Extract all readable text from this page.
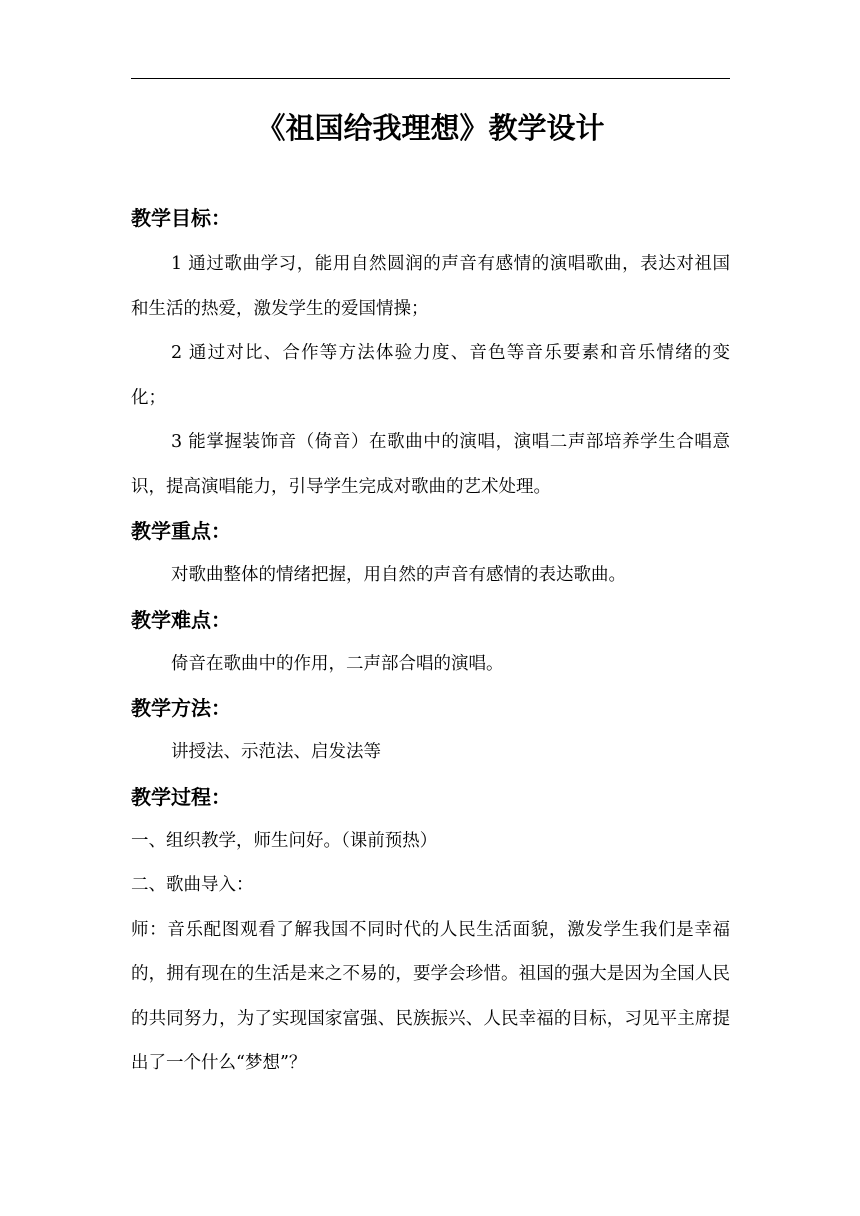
《祖国给我理想》教学设计

教学目标：

1 通过歌曲学习，能用自然圆润的声音有感情的演唱歌曲，表达对祖国和生活的热爱，激发学生的爱国情操；

2 通过对比、合作等方法体验力度、音色等音乐要素和音乐情绪的变化；

3 能掌握装饰音（倚音）在歌曲中的演唱，演唱二声部培养学生合唱意识，提高演唱能力，引导学生完成对歌曲的艺术处理。

教学重点：

对歌曲整体的情绪把握，用自然的声音有感情的表达歌曲。

教学难点：

倚音在歌曲中的作用，二声部合唱的演唱。

教学方法：

讲授法、示范法、启发法等

教学过程：

一、组织教学，师生问好。（课前预热）

二、歌曲导入：

师：音乐配图观看了解我国不同时代的人民生活面貌，激发学生我们是幸福的，拥有现在的生活是来之不易的，要学会珍惜。祖国的强大是因为全国人民的共同努力，为了实现国家富强、民族振兴、人民幸福的目标，习见平主席提出了一个什么“梦想”？
